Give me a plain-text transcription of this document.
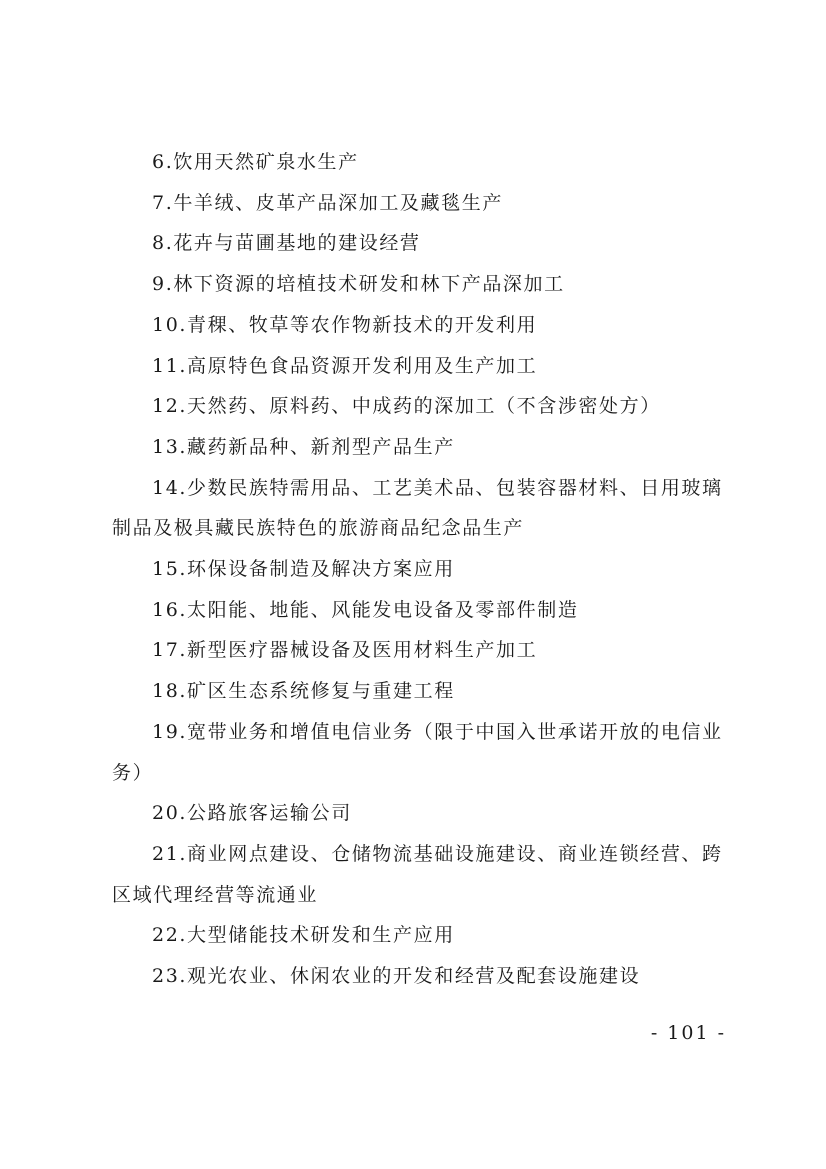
6.饮用天然矿泉水生产

7.牛羊绒、皮革产品深加工及藏毯生产

8.花卉与苗圃基地的建设经营

9.林下资源的培植技术研发和林下产品深加工

10.青稞、牧草等农作物新技术的开发利用

11.高原特色食品资源开发利用及生产加工

12.天然药、原料药、中成药的深加工（不含涉密处方）

13.藏药新品种、新剂型产品生产

14.少数民族特需用品、工艺美术品、包装容器材料、日用玻璃制品及极具藏民族特色的旅游商品纪念品生产

15.环保设备制造及解决方案应用

16.太阳能、地能、风能发电设备及零部件制造

17.新型医疗器械设备及医用材料生产加工

18.矿区生态系统修复与重建工程

19.宽带业务和增值电信业务（限于中国入世承诺开放的电信业务）

20.公路旅客运输公司

21.商业网点建设、仓储物流基础设施建设、商业连锁经营、跨区域代理经营等流通业

22.大型储能技术研发和生产应用

23.观光农业、休闲农业的开发和经营及配套设施建设

- 101 -
